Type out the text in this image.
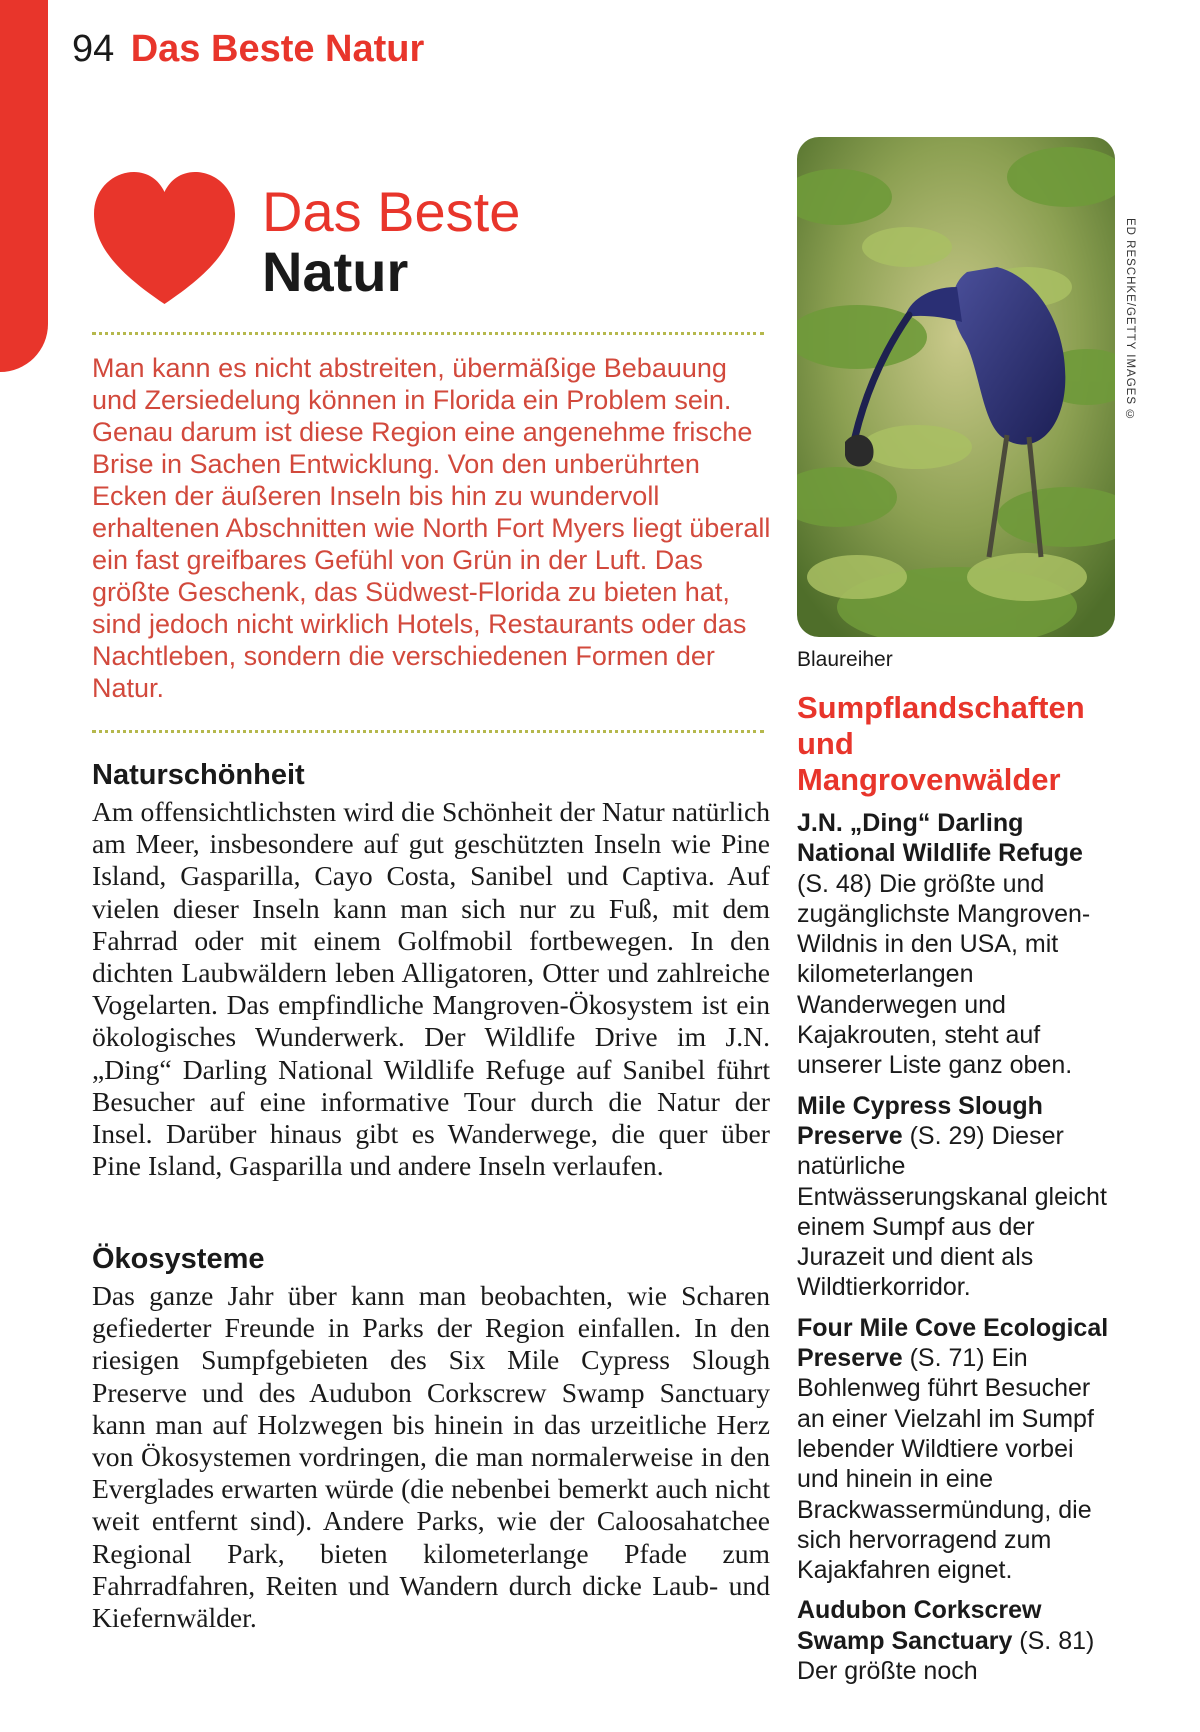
94 Das Beste Natur
Das Beste
Natur

Man kann es nicht abstreiten, übermäßige Bebauung und Zersiedelung können in Florida ein Problem sein. Genau darum ist diese Region eine angenehme frische Brise in Sachen Entwicklung. Von den unberührten Ecken der äußeren Inseln bis hin zu wundervoll erhaltenen Abschnitten wie North Fort Myers liegt überall ein fast greifbares Gefühl von Grün in der Luft. Das größte Geschenk, das Südwest-Florida zu bieten hat, sind jedoch nicht wirklich Hotels, Restaurants oder das Nachtleben, sondern die verschiedenen Formen der Natur.

Naturschönheit

Am offensichtlichsten wird die Schönheit der Natur natürlich am Meer, insbesondere auf gut geschützten Inseln wie Pine Island, Gasparilla, Cayo Costa, Sanibel und Captiva. Auf vielen dieser Inseln kann man sich nur zu Fuß, mit dem Fahrrad oder mit einem Golfmobil fortbewegen. In den dichten Laubwäldern leben Alligatoren, Otter und zahlreiche Vogelarten. Das empfindliche Mangroven-Ökosystem ist ein ökologisches Wunderwerk. Der Wildlife Drive im J.N. „Ding“ Darling National Wildlife Refuge auf Sanibel führt Besucher auf eine informative Tour durch die Natur der Insel. Darüber hinaus gibt es Wanderwege, die quer über Pine Island, Gasparilla und andere Inseln verlaufen.

Ökosysteme

Das ganze Jahr über kann man beobachten, wie Scharen gefiederter Freunde in Parks der Region einfallen. In den riesigen Sumpfgebieten des Six Mile Cypress Slough Preserve und des Audubon Corkscrew Swamp Sanctuary kann man auf Holzwegen bis hinein in das urzeitliche Herz von Ökosystemen vordringen, die man normalerweise in den Everglades erwarten würde (die nebenbei bemerkt auch nicht weit entfernt sind). Andere Parks, wie der Caloosahatchee Regional Park, bieten kilometerlange Pfade zum Fahrradfahren, Reiten und Wandern durch dicke Laub- und Kiefernwälder.

ED RESCHKE/GETTY IMAGES ©
Blaureiher
Sumpflandschaften und Mangrovenwälder

J.N. „Ding“ Darling National Wildlife Refuge (S. 48) Die größte und zugänglichste Mangroven-Wildnis in den USA, mit kilometerlangen Wanderwegen und Kajakrouten, steht auf unserer Liste ganz oben.

Mile Cypress Slough Preserve (S. 29) Dieser natürliche Entwässerungskanal gleicht einem Sumpf aus der Jurazeit und dient als Wildtierkorridor.

Four Mile Cove Ecological Preserve (S. 71) Ein Bohlenweg führt Besucher an einer Vielzahl im Sumpf lebender Wildtiere vorbei und hinein in eine Brackwassermündung, die sich hervorragend zum Kajakfahren eignet.

Audubon Corkscrew Swamp Sanctuary (S. 81) Der größte noch
